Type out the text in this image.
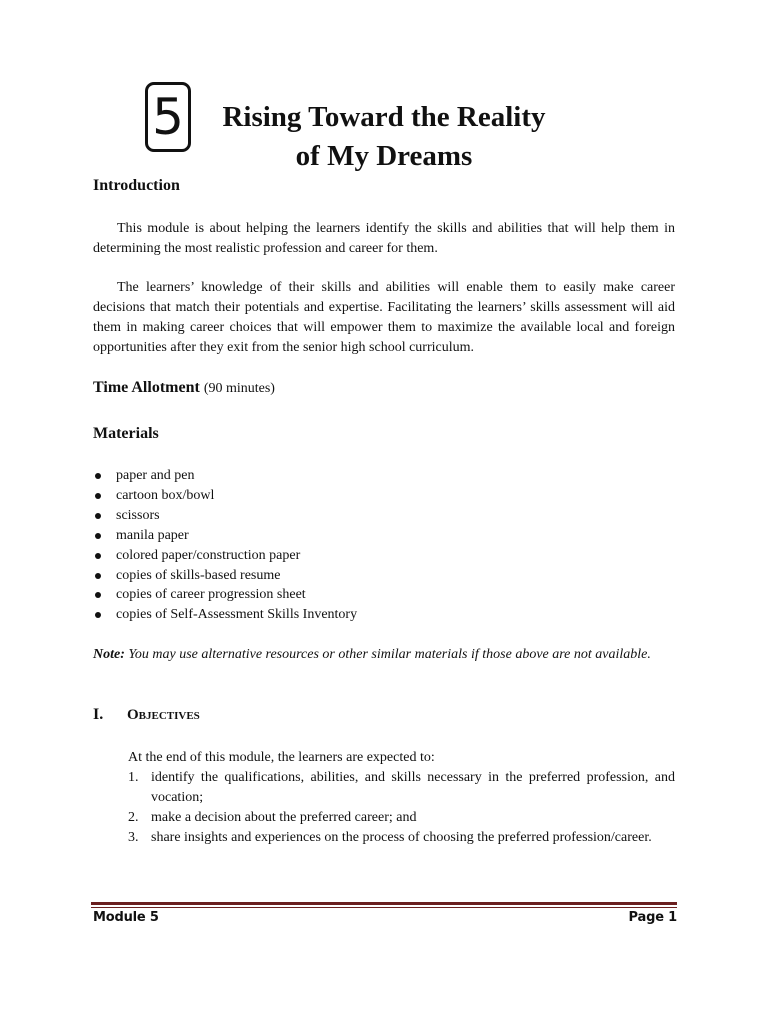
5	Rising Toward the Reality
of My Dreams
Introduction

This module is about helping the learners identify the skills and abilities that will help them in determining the most realistic profession and career for them.

The learners’ knowledge of their skills and abilities will enable them to easily make career decisions that match their potentials and expertise. Facilitating the learners’ skills assessment will aid them in making career choices that will empower them to maximize the available local and foreign opportunities after they exit from the senior high school curriculum.

Time Allotment (90 minutes)
Materials
paper and pen
cartoon box/bowl
scissors
manila paper
colored paper/construction paper
copies of skills-based resume
copies of career progression sheet
copies of Self-Assessment Skills Inventory

Note: You may use alternative resources or other similar materials if those above are not available.

I. Objectives
At the end of this module, the learners are expected to:
1. identify the qualifications, abilities, and skills necessary in the preferred profession, and vocation;
2. make a decision about the preferred career; and
3. share insights and experiences on the process of choosing the preferred profession/career.
Module 5	Page 1
